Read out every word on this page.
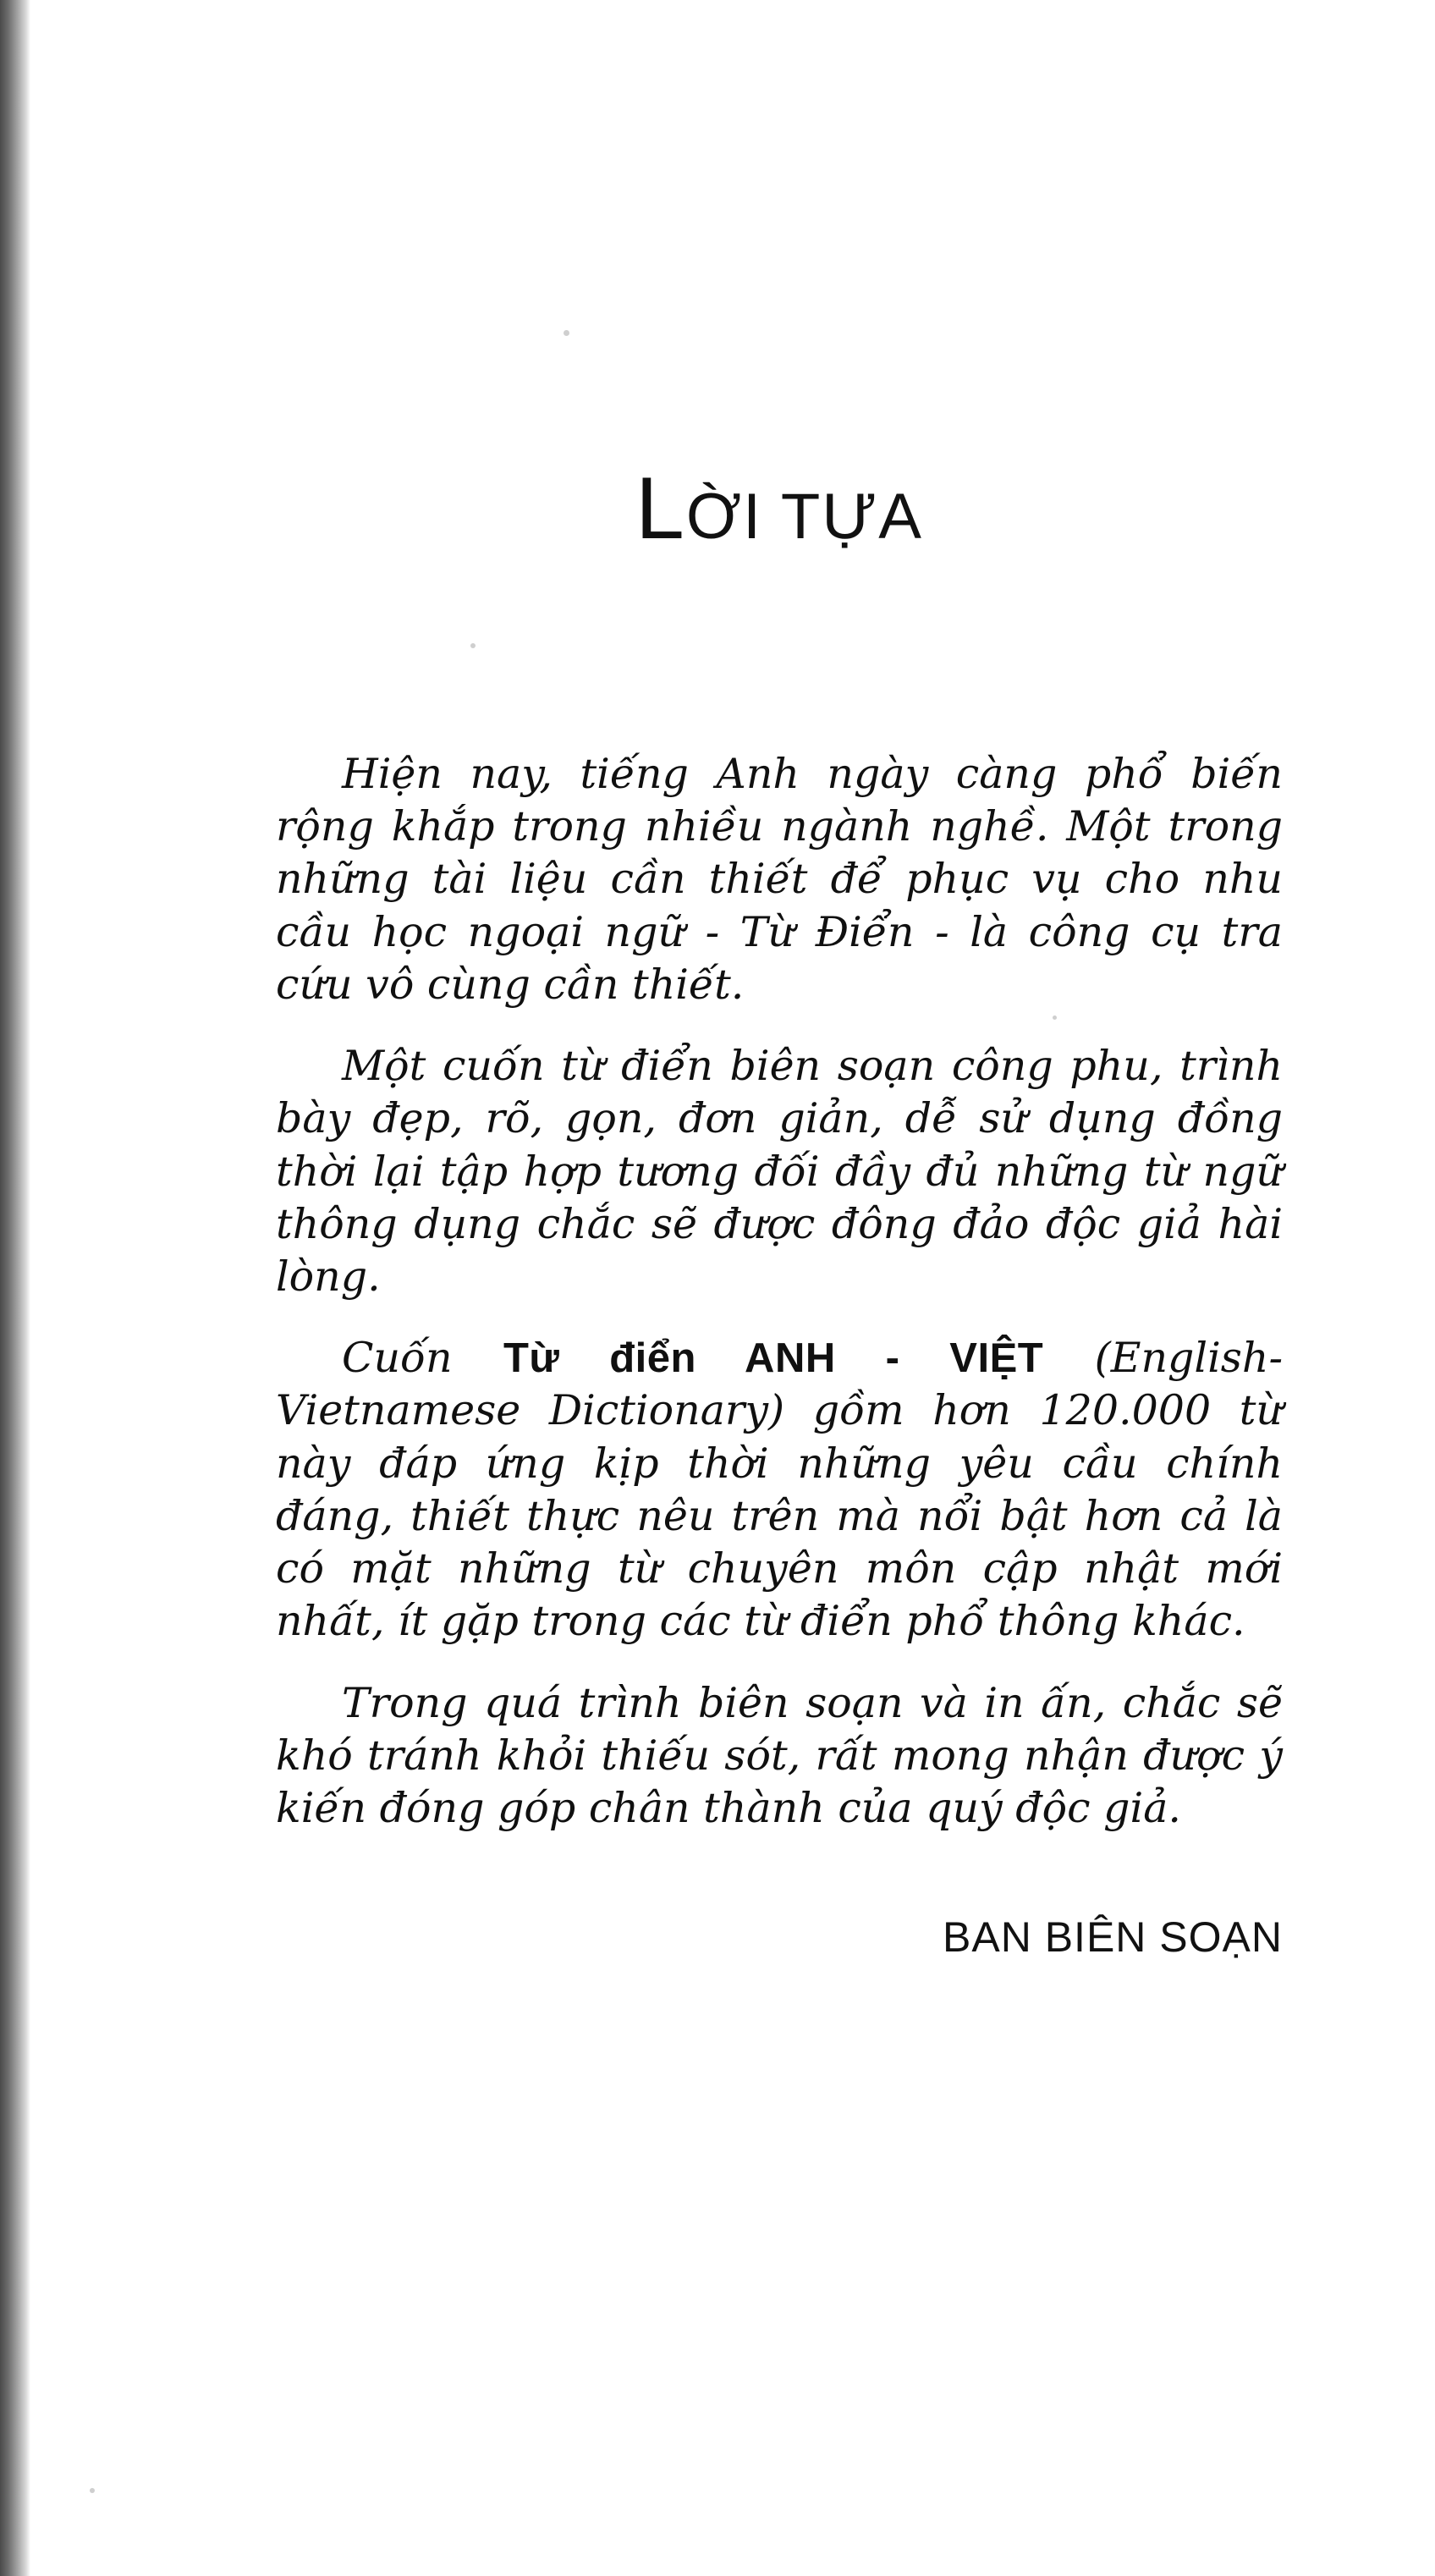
LỜI TỰA

Hiện nay, tiếng Anh ngày càng phổ biến rộng khắp trong nhiều ngành nghề. Một trong những tài liệu cần thiết để phục vụ cho nhu cầu học ngoại ngữ - Từ Điển - là công cụ tra cứu vô cùng cần thiết.

Một cuốn từ điển biên soạn công phu, trình bày đẹp, rõ, gọn, đơn giản, dễ sử dụng đồng thời lại tập hợp tương đối đầy đủ những từ ngữ thông dụng chắc sẽ được đông đảo độc giả hài lòng.

Cuốn Từ điển ANH - VIỆT (English-Vietnamese Dictionary) gồm hơn 120.000 từ này đáp ứng kịp thời những yêu cầu chính đáng, thiết thực nêu trên mà nổi bật hơn cả là có mặt những từ chuyên môn cập nhật mới nhất, ít gặp trong các từ điển phổ thông khác.

Trong quá trình biên soạn và in ấn, chắc sẽ khó tránh khỏi thiếu sót, rất mong nhận được ý kiến đóng góp chân thành của quý độc giả.

BAN BIÊN SOẠN
